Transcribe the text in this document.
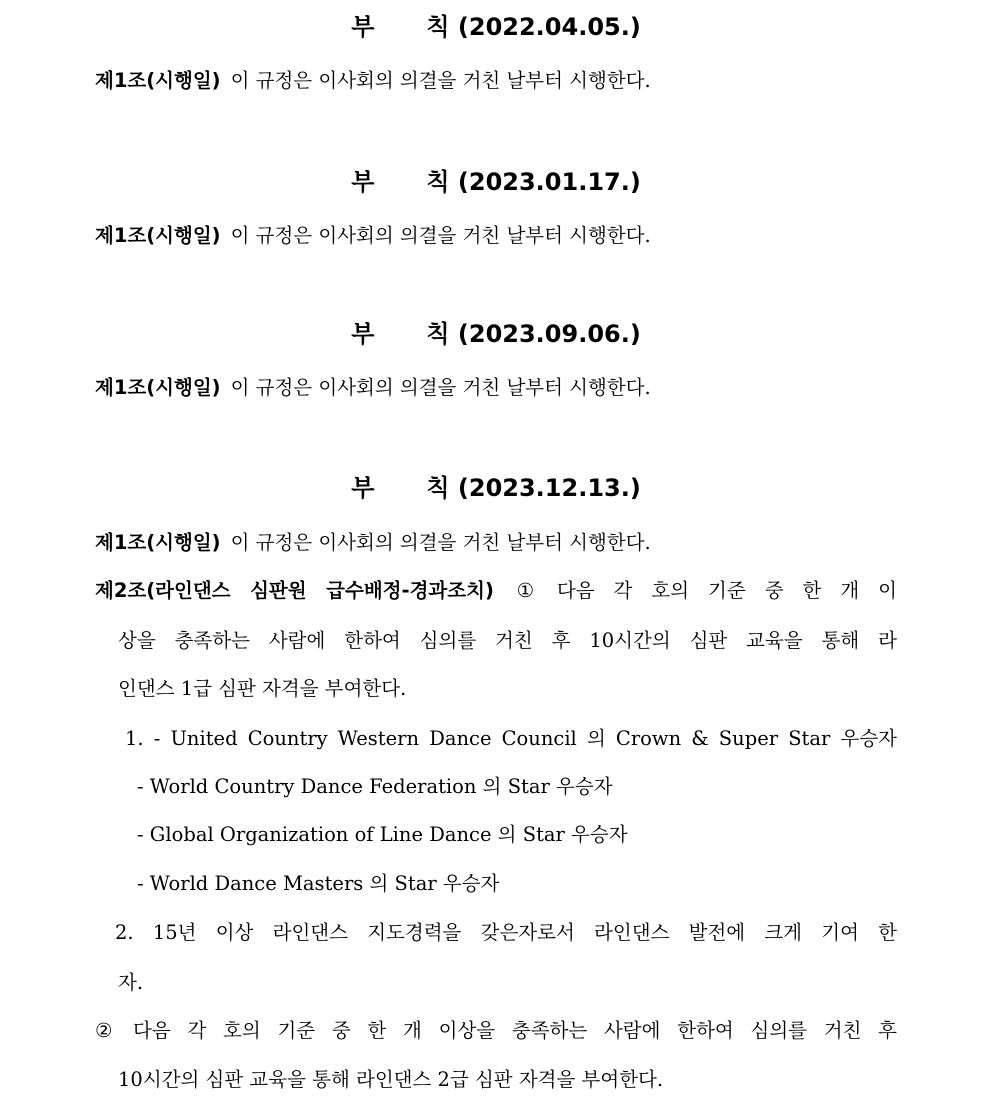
부 칙 (2022.04.05.)
제1조(시행일) 이 규정은 이사회의 의결을 거친 날부터 시행한다.
부 칙 (2023.01.17.)
제1조(시행일) 이 규정은 이사회의 의결을 거친 날부터 시행한다.
부 칙 (2023.09.06.)
제1조(시행일) 이 규정은 이사회의 의결을 거친 날부터 시행한다.
부 칙 (2023.12.13.)
제1조(시행일) 이 규정은 이사회의 의결을 거친 날부터 시행한다.
제2조(라인댄스 심판원 급수배정-경과조치) ① 다음 각 호의 기준 중 한 개 이
상을 충족하는 사람에 한하여 심의를 거친 후 10시간의 심판 교육을 통해 라
인댄스 1급 심판 자격을 부여한다.
1. - United Country Western Dance Council 의 Crown & Super Star 우승자
- World Country Dance Federation 의 Star 우승자
- Global Organization of Line Dance 의 Star 우승자
- World Dance Masters 의 Star 우승자
2. 15년 이상 라인댄스 지도경력을 갖은자로서 라인댄스 발전에 크게 기여 한
자.
② 다음 각 호의 기준 중 한 개 이상을 충족하는 사람에 한하여 심의를 거친 후
10시간의 심판 교육을 통해 라인댄스 2급 심판 자격을 부여한다.
